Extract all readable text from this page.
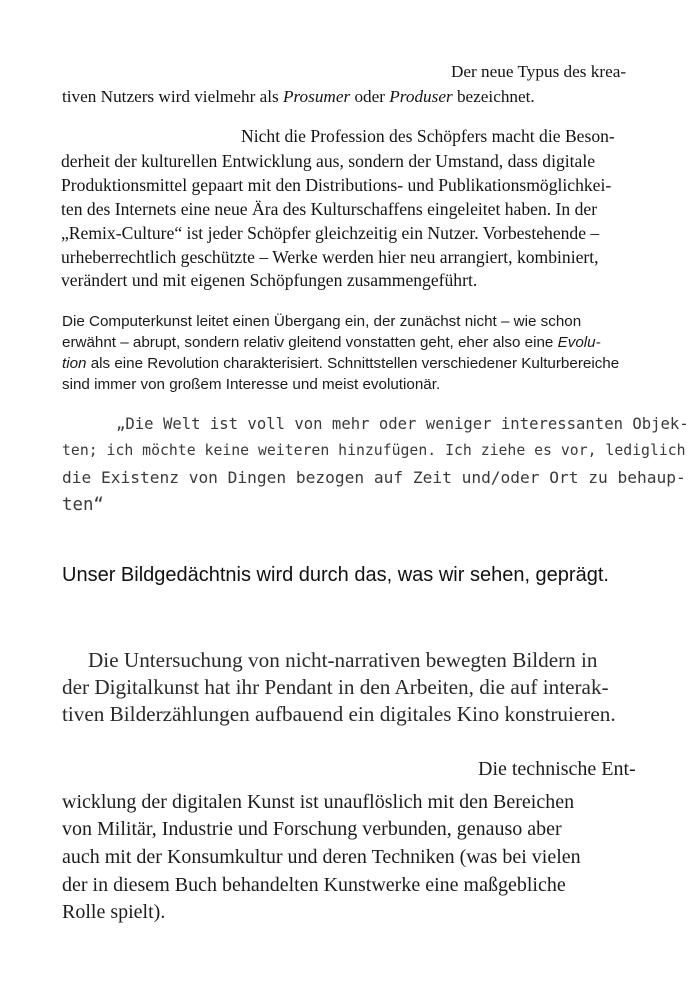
Der neue Typus des krea-
tiven Nutzers wird vielmehr als Prosumer oder Produser bezeichnet.
Nicht die Profession des Schöpfers macht die Beson-
derheit der kulturellen Entwicklung aus, sondern der Umstand, dass digitale
Produktionsmittel gepaart mit den Distributions- und Publikationsmöglichkei-
ten des Internets eine neue Ära des Kulturschaffens eingeleitet haben. In der
„Remix-Culture“ ist jeder Schöpfer gleichzeitig ein Nutzer. Vorbestehende –
urheberrechtlich geschützte – Werke werden hier neu arrangiert, kombiniert,
verändert und mit eigenen Schöpfungen zusammengeführt.
Die Computerkunst leitet einen Übergang ein, der zunächst nicht – wie schon
erwähnt – abrupt, sondern relativ gleitend vonstatten geht, eher also eine Evolu-
tion als eine Revolution charakterisiert. Schnittstellen verschiedener Kulturbereiche
sind immer von großem Interesse und meist evolutionär.
„Die Welt ist voll von mehr oder weniger interessanten Objek-
ten; ich möchte keine weiteren hinzufügen. Ich ziehe es vor, lediglich
die Existenz von Dingen bezogen auf Zeit und/oder Ort zu behaup-
ten“
Unser Bildgedächtnis wird durch das, was wir sehen, geprägt.
Die Untersuchung von nicht-narrativen bewegten Bildern in
der Digitalkunst hat ihr Pendant in den Arbeiten, die auf interak-
tiven Bilderzählungen aufbauend ein digitales Kino konstruieren.
Die technische Ent-
wicklung der digitalen Kunst ist unauflöslich mit den Bereichen
von Militär, Industrie und Forschung verbunden, genauso aber
auch mit der Konsumkultur und deren Techniken (was bei vielen
der in diesem Buch behandelten Kunstwerke eine maßgebliche
Rolle spielt).
